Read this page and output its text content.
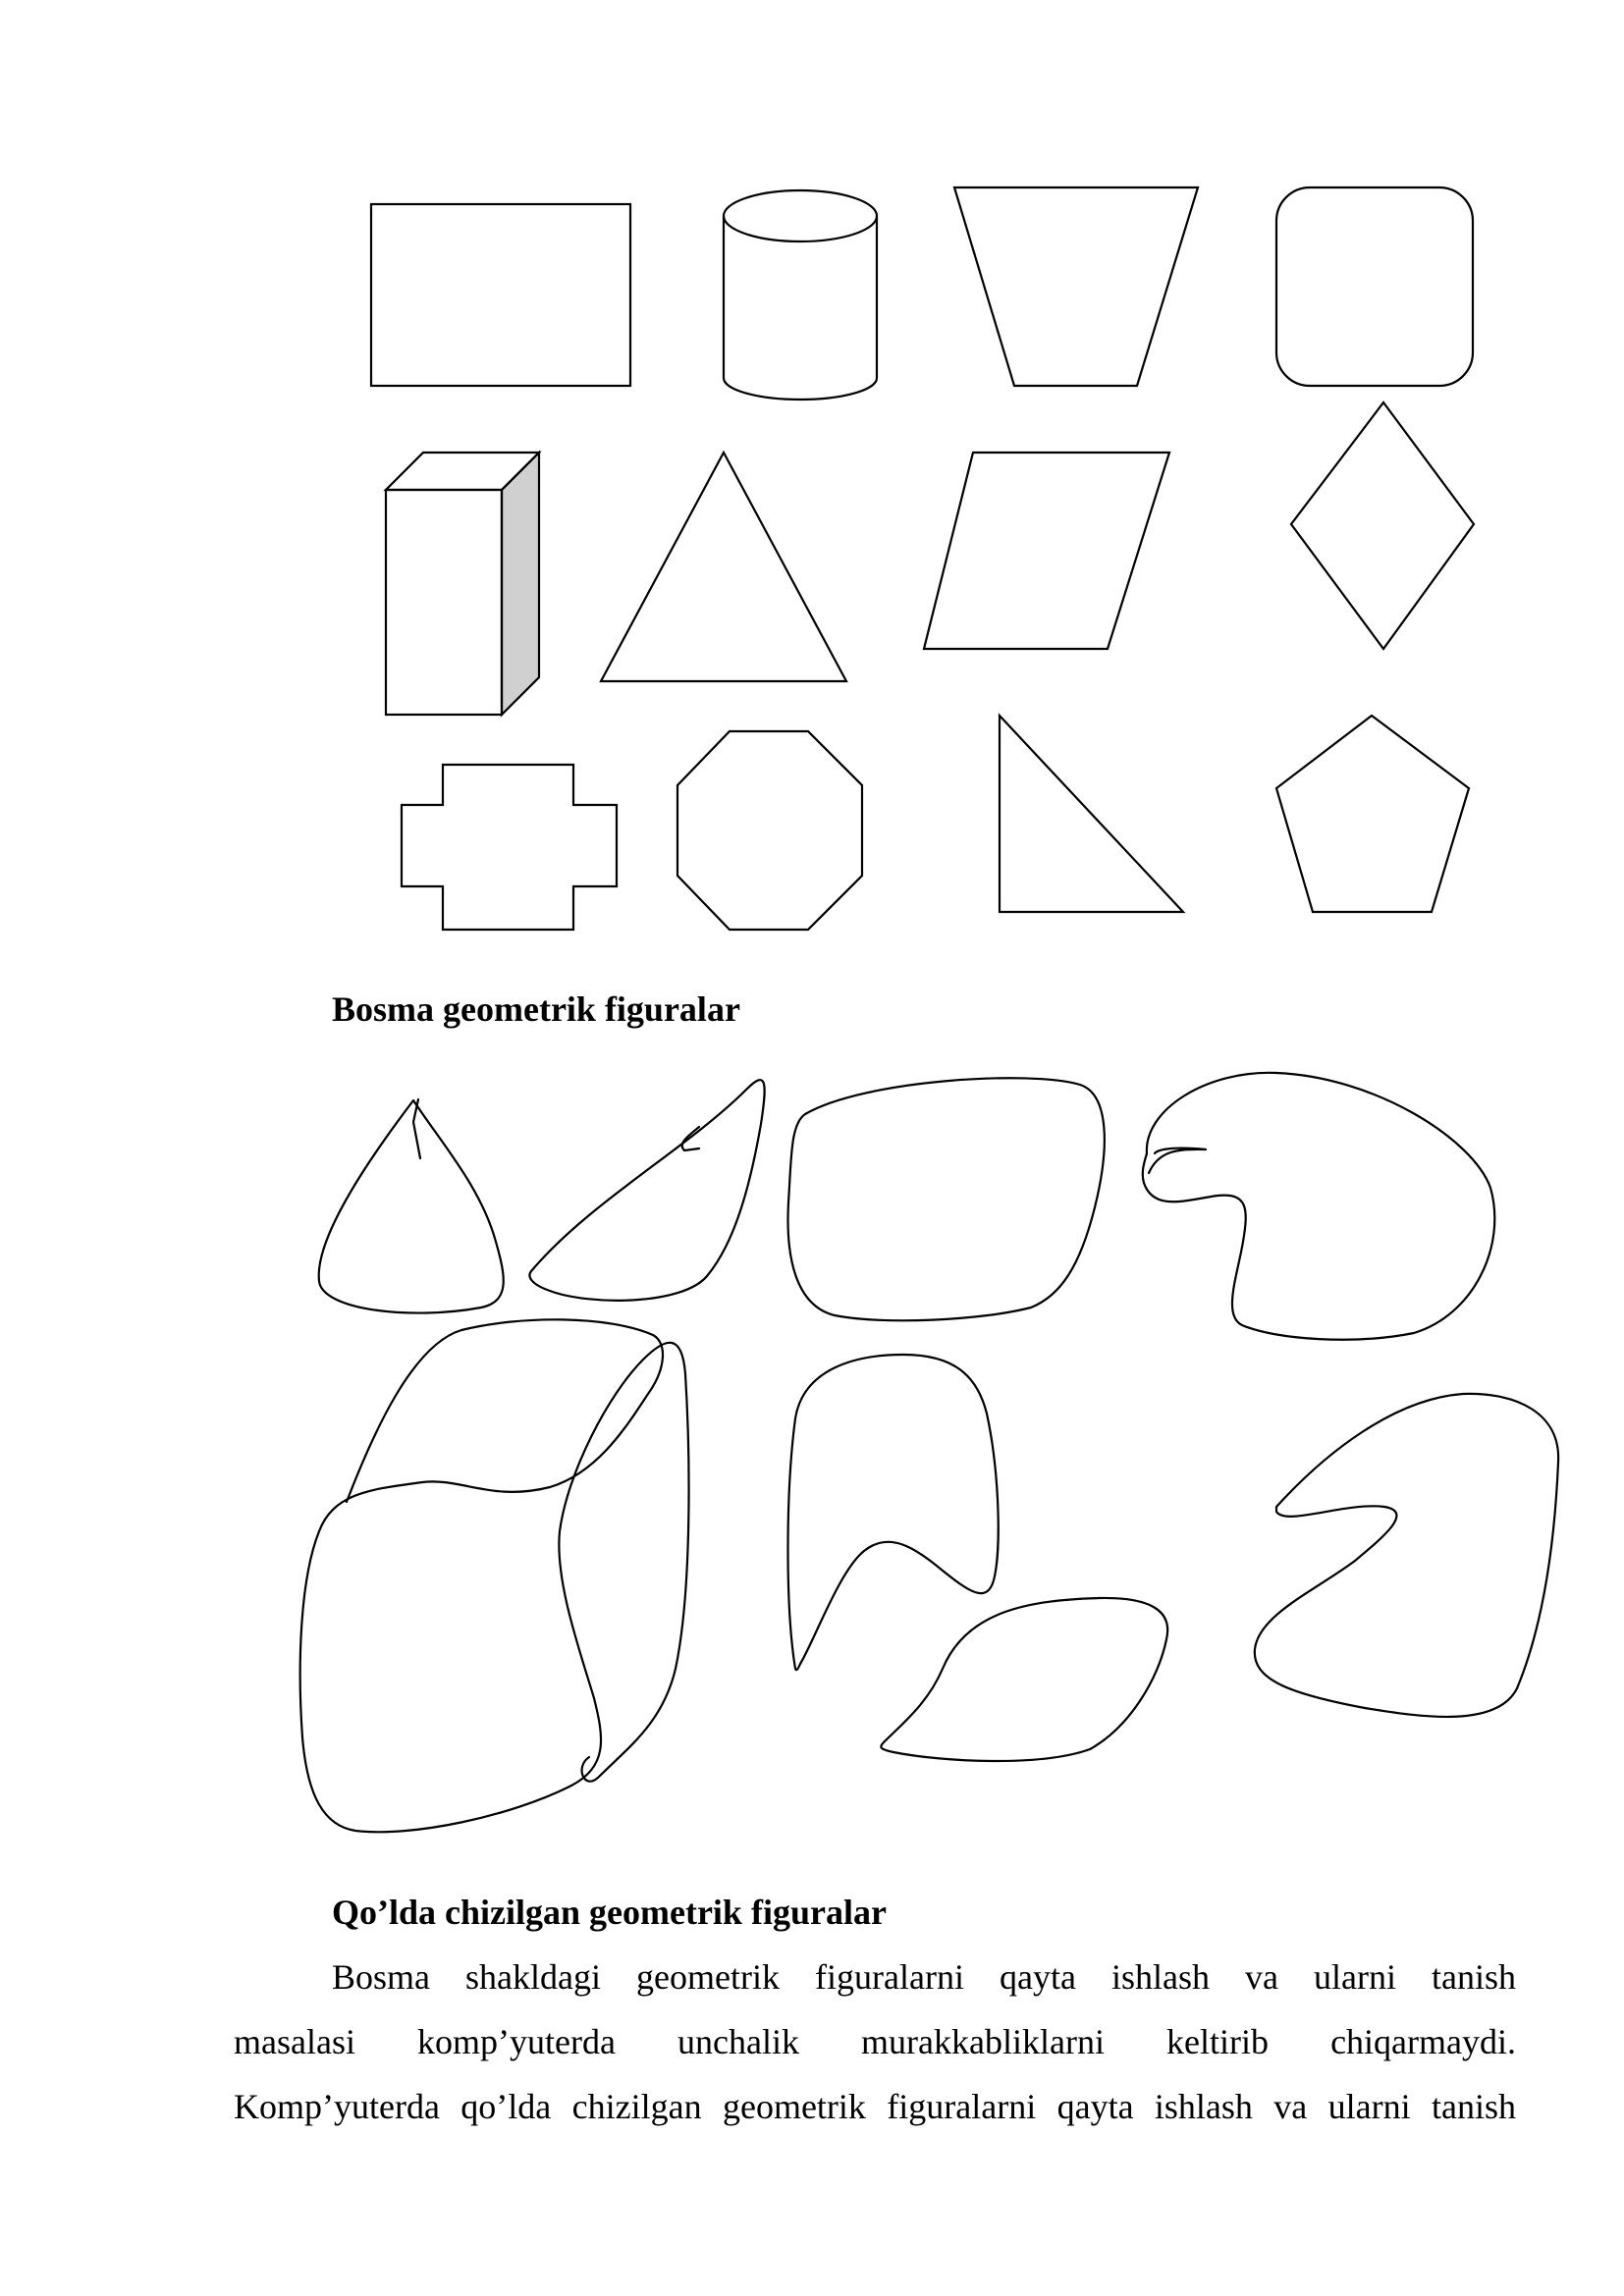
Bosma geometrik figuralar
Qo’lda chizilgan geometrik figuralar
Bosma shakldagi geometrik figuralarni qayta ishlash va ularni tanish
masalasi komp’yuterda unchalik murakkabliklarni keltirib chiqarmaydi.
Komp’yuterda qo’lda chizilgan geometrik figuralarni qayta ishlash va ularni tanish
